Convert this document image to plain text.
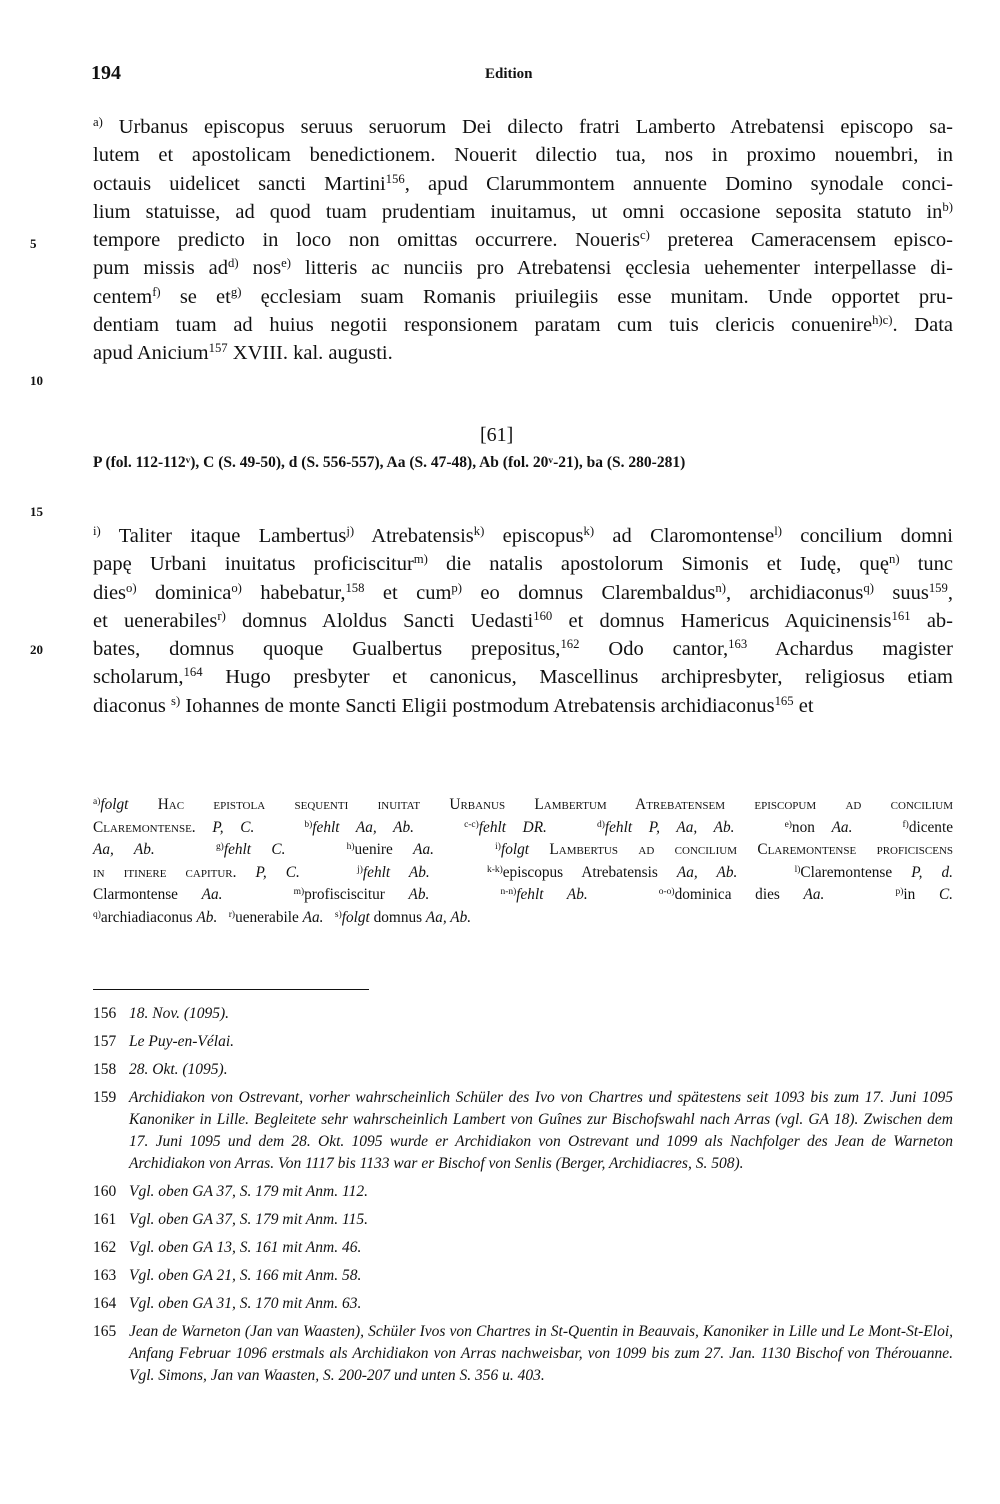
194	Edition
5
10
15
20
$^{a)}$ Urbanus episcopus seruus seruorum Dei dilecto fratri Lamberto Atrebatensi episcopo sa-
lutem et apostolicam benedictionem. Nouerit dilectio tua, nos in proximo nouembri, in
octauis uidelicet sancti Martini$^{156}$, apud Clarummontem annuente Domino synodale conci-
lium statuisse, ad quod tuam prudentiam inuitamus, ut omni occasione seposita statuto $in^{b)}$
tempore predicto in loco non omittas occurrere. Noueris$^{c)}$ preterea Cameracensem episco-
pum missis $ad^{d)}$ nos$^{e)}$ litteris ac nunciis pro Atrebatensi ęcclesia uehementer interpellasse di-
centem$^{f)}$ se $et^{g)}$ ęcclesiam suam Romanis priuilegiis esse munitam. Unde opportet pru-
dentiam tuam ad huius negotii responsionem paratam cum tuis clericis conuenire$^{h)c)}$. Data
apud Anicium$^{157}$ XVIII. kal. augusti.
[61]
P (fol. 112-112ᵛ), C (S. 49-50), d (S. 556-557), Aa (S. 47-48), Ab (fol. 20ᵛ-21), ba (S. 280-281)
$^{i)}$ Taliter itaque Lambertus$^{j)}$ Atrebatensis$^{k)}$ episcopus$^{k)}$ ad Claromontense$^{l)}$ concilium domni
papę Urbani inuitatus proficiscitur$^{m)}$ die natalis apostolorum Simonis et Iudę, quę$^{n)}$ tunc
dies$^{o)}$ dominica$^{o)}$ habebatur,$^{158}$ et cum$^{p)}$ eo domnus Clarembaldus$^{n)}$, archidiaconus$^{q)}$ suus$^{159}$,
et uenerabiles$^{r)}$ domnus Aloldus Sancti Uedasti$^{160}$ et domnus Hamericus Aquicinensis$^{161}$ ab-
bates, domnus quoque Gualbertus prepositus,$^{162}$ Odo cantor,$^{163}$ Achardus magister
scholarum,$^{164}$ Hugo presbyter et canonicus, Mascellinus archipresbyter, religiosus etiam
diaconus $^{s)}$ Iohannes de monte Sancti Eligii postmodum Atrebatensis archidiaconus$^{165}$ et
$^{a)}$folgt Hac epistola sequenti inuitat Urbanus Lambertum Atrebatensem episcopum ad concilium
Claremontense. P, C.	$^{b)}$fehlt Aa, Ab.	$^{c-c)}$fehlt DR.	$^{d)}$fehlt P, Aa, Ab.	$^{e)}$non Aa.	$^{f)}$dicente
Aa, Ab.	$^{g)}$fehlt C.	$^{h)}$uenire Aa.	$^{i)}$folgt Lambertus ad concilium Claremontense proficiscens
in itinere capitur. P, C.	$^{j)}$fehlt Ab.	$^{k-k)}$episcopus Atrebatensis Aa, Ab.	$^{l)}$Claremontense P, d.
Clarmontense Aa.	$^{m)}$profisciscitur Ab.	$^{n-n)}$fehlt Ab.	$^{o-o)}$dominica dies Aa.	$^{p)}$in C.
$^{q)}$archiadiaconus Ab. $^{r)}$uenerabile Aa. $^{s)}$folgt domnus Aa, Ab.
156 18. Nov. (1095).
157 Le Puy-en-Vélai.
158 28. Okt. (1095).
159 Archidiakon von Ostrevant, vorher wahrscheinlich Schüler des Ivo von Chartres und spätestens seit 1093 bis zum 17. Juni 1095 Kanoniker in Lille. Begleitete sehr wahrscheinlich Lambert von Guînes zur Bischofswahl nach Arras (vgl. GA 18). Zwischen dem 17. Juni 1095 und dem 28. Okt. 1095 wurde er Archidiakon von Ostrevant und 1099 als Nachfolger des Jean de Warneton Archidiakon von Arras. Von 1117 bis 1133 war er Bischof von Senlis (Berger, Archidiacres, S. 508).
160 Vgl. oben GA 37, S. 179 mit Anm. 112.
161 Vgl. oben GA 37, S. 179 mit Anm. 115.
162 Vgl. oben GA 13, S. 161 mit Anm. 46.
163 Vgl. oben GA 21, S. 166 mit Anm. 58.
164 Vgl. oben GA 31, S. 170 mit Anm. 63.
165 Jean de Warneton (Jan van Waasten), Schüler Ivos von Chartres in St-Quentin in Beauvais, Kanoniker in Lille und Le Mont-St-Eloi, Anfang Februar 1096 erstmals als Archidiakon von Arras nachweisbar, von 1099 bis zum 27. Jan. 1130 Bischof von Thérouanne. Vgl. Simons, Jan van Waasten, S. 200-207 und unten S. 356 u. 403.
